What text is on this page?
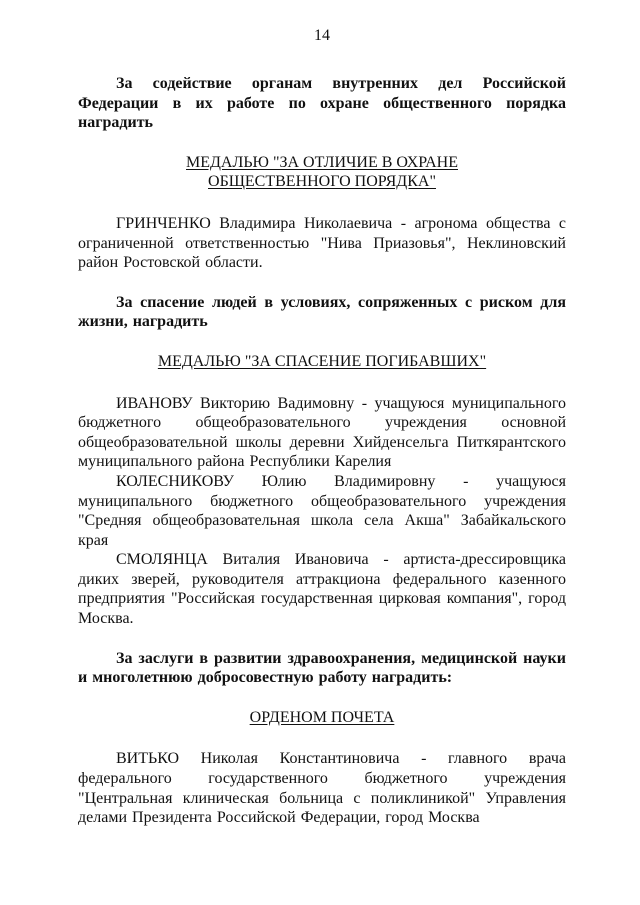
14

За содействие органам внутренних дел Российской Федерации в их работе по охране общественного порядка наградить

МЕДАЛЬЮ "ЗА ОТЛИЧИЕ В ОХРАНЕ

ОБЩЕСТВЕННОГО ПОРЯДКА"

ГРИНЧЕНКО Владимира Николаевича - агронома общества с ограниченной ответственностью "Нива Приазовья", Неклиновский район Ростовской области.

За спасение людей в условиях, сопряженных с риском для жизни, наградить

МЕДАЛЬЮ "ЗА СПАСЕНИЕ ПОГИБАВШИХ"

ИВАНОВУ Викторию Вадимовну - учащуюся муниципального бюджетного общеобразовательного учреждения основной общеобразовательной школы деревни Хийденсельга Питкярантского муниципального района Республики Карелия

КОЛЕСНИКОВУ Юлию Владимировну - учащуюся муниципального бюджетного общеобразовательного учреждения "Средняя общеобразовательная школа села Акша" Забайкальского края

СМОЛЯНЦА Виталия Ивановича - артиста-дрессировщика диких зверей, руководителя аттракциона федерального казенного предприятия "Российская государственная цирковая компания", город Москва.

За заслуги в развитии здравоохранения, медицинской науки и многолетнюю добросовестную работу наградить:

ОРДЕНОМ ПОЧЕТА

ВИТЬКО Николая Константиновича - главного врача федерального государственного бюджетного учреждения "Центральная клиническая больница с поликлиникой" Управления делами Президента Российской Федерации, город Москва
